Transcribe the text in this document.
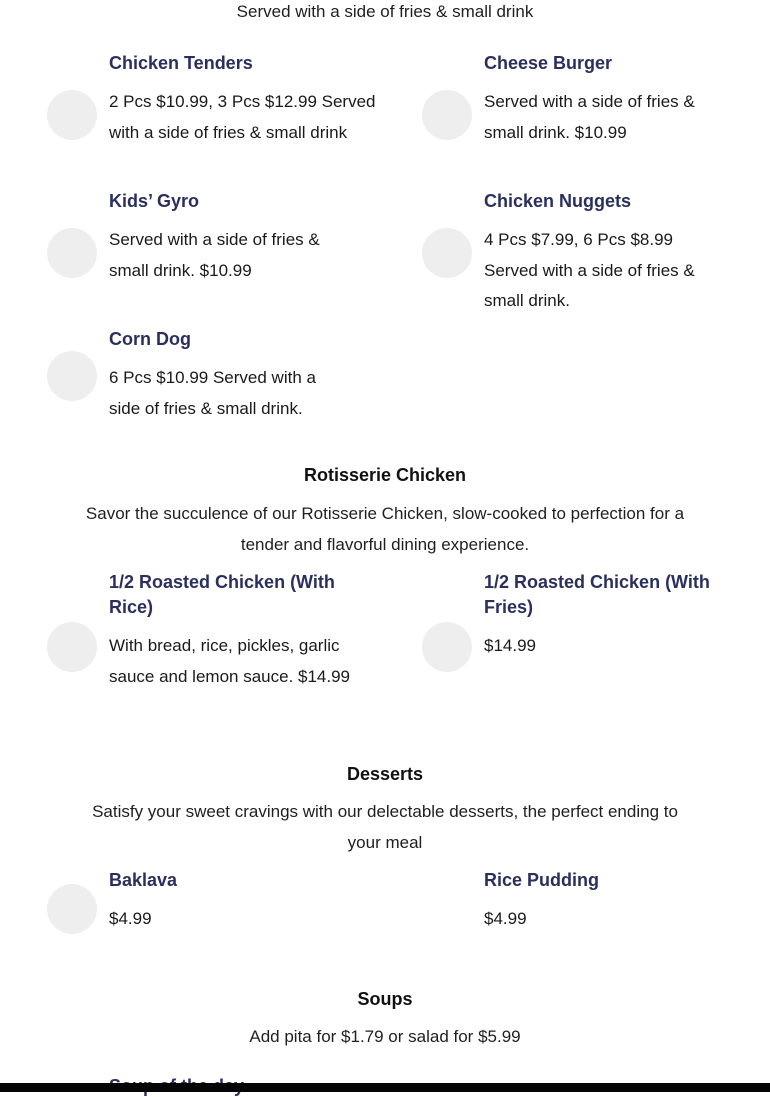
Served with a side of fries & small drink
Chicken Tenders
2 Pcs $10.99, 3 Pcs $12.99 Served with a side of fries & small drink
Cheese Burger
Served with a side of fries & small drink. $10.99
Kids’ Gyro
Served with a side of fries & small drink. $10.99
Chicken Nuggets
4 Pcs $7.99, 6 Pcs $8.99 Served with a side of fries & small drink.
Corn Dog
6 Pcs $10.99 Served with a side of fries & small drink.
Rotisserie Chicken
Savor the succulence of our Rotisserie Chicken, slow-cooked to perfection for a tender and flavorful dining experience.
1/2 Roasted Chicken (With Rice)
With bread, rice, pickles, garlic sauce and lemon sauce. $14.99
1/2 Roasted Chicken (With Fries)
$14.99
Desserts
Satisfy your sweet cravings with our delectable desserts, the perfect ending to your meal
Baklava
$4.99
Rice Pudding
$4.99
Soups
Add pita for $1.79 or salad for $5.99
